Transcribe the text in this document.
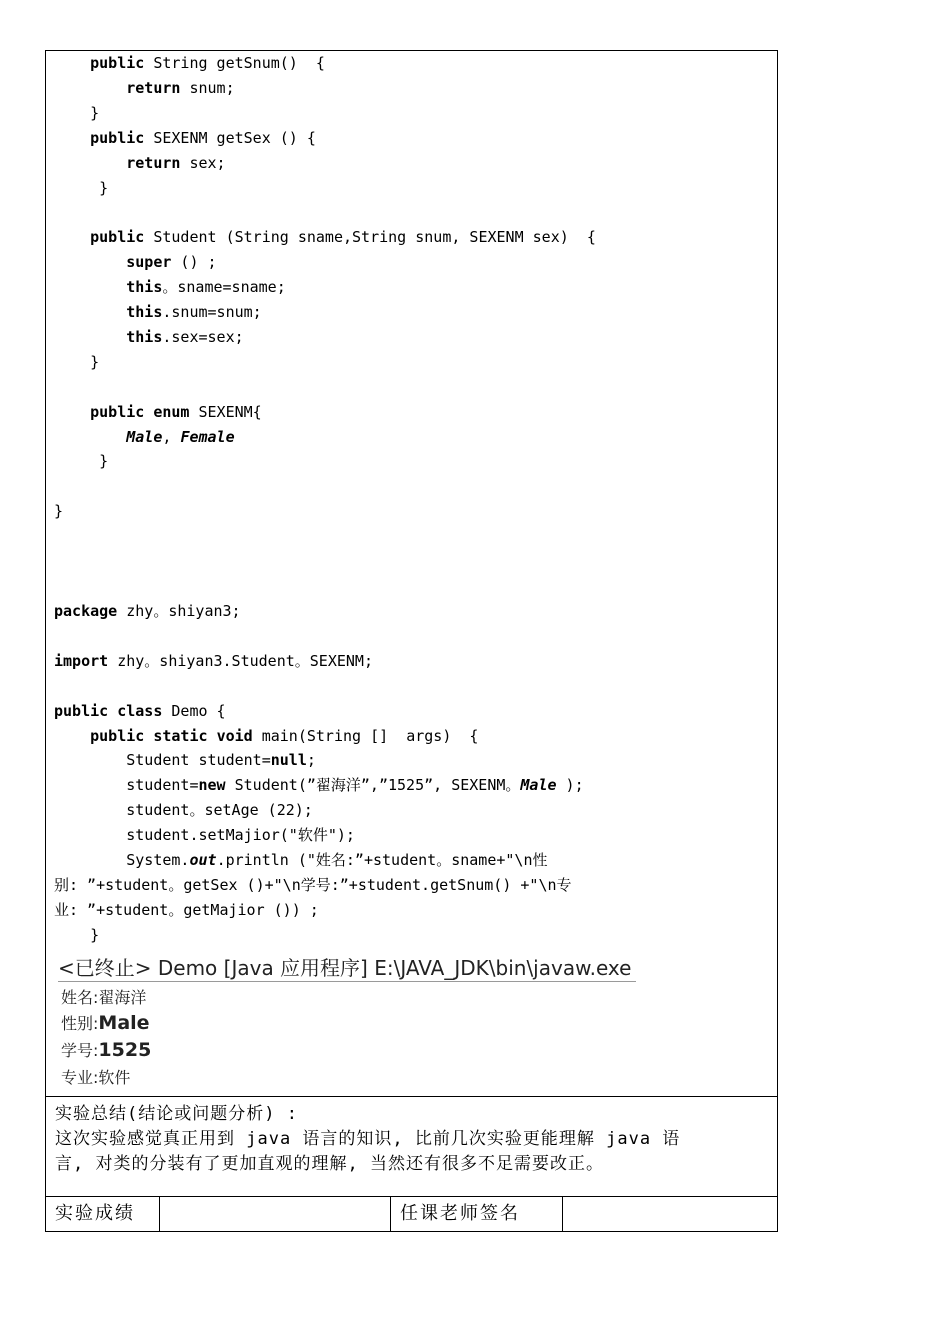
public String getSnum()  {
return snum;
}
public SEXENM getSex () {
return sex;
}
public Student (String sname,String snum, SEXENM sex)  {
super () ;
this。sname=sname;
this.snum=snum;
this.sex=sex;
}
public enum SEXENM{
Male, Female
}
}
package zhy。shiyan3;
import zhy。shiyan3.Student。SEXENM;
public class Demo {
public static void main(String []  args)  {
Student student=null;
student=new Student(”翟海洋”,”1525”, SEXENM。Male );
student。setAge (22);
student.setMajior("软件");
System.out.println ("姓名:”+student。sname+"\n性
别: ”+student。getSex ()+"\n学号:”+student.getSnum() +"\n专
业: ”+student。getMajior ()) ;
}
<已终止> Demo [Java 应用程序] E:\JAVA_JDK\bin\javaw.exe
姓名:翟海洋
性别:Male
学号:1525
专业:软件
实验总结(结论或问题分析) :
这次实验感觉真正用到 java 语言的知识, 比前几次实验更能理解 java 语
言, 对类的分装有了更加直观的理解, 当然还有很多不足需要改正。
实验成绩	任课老师签名
